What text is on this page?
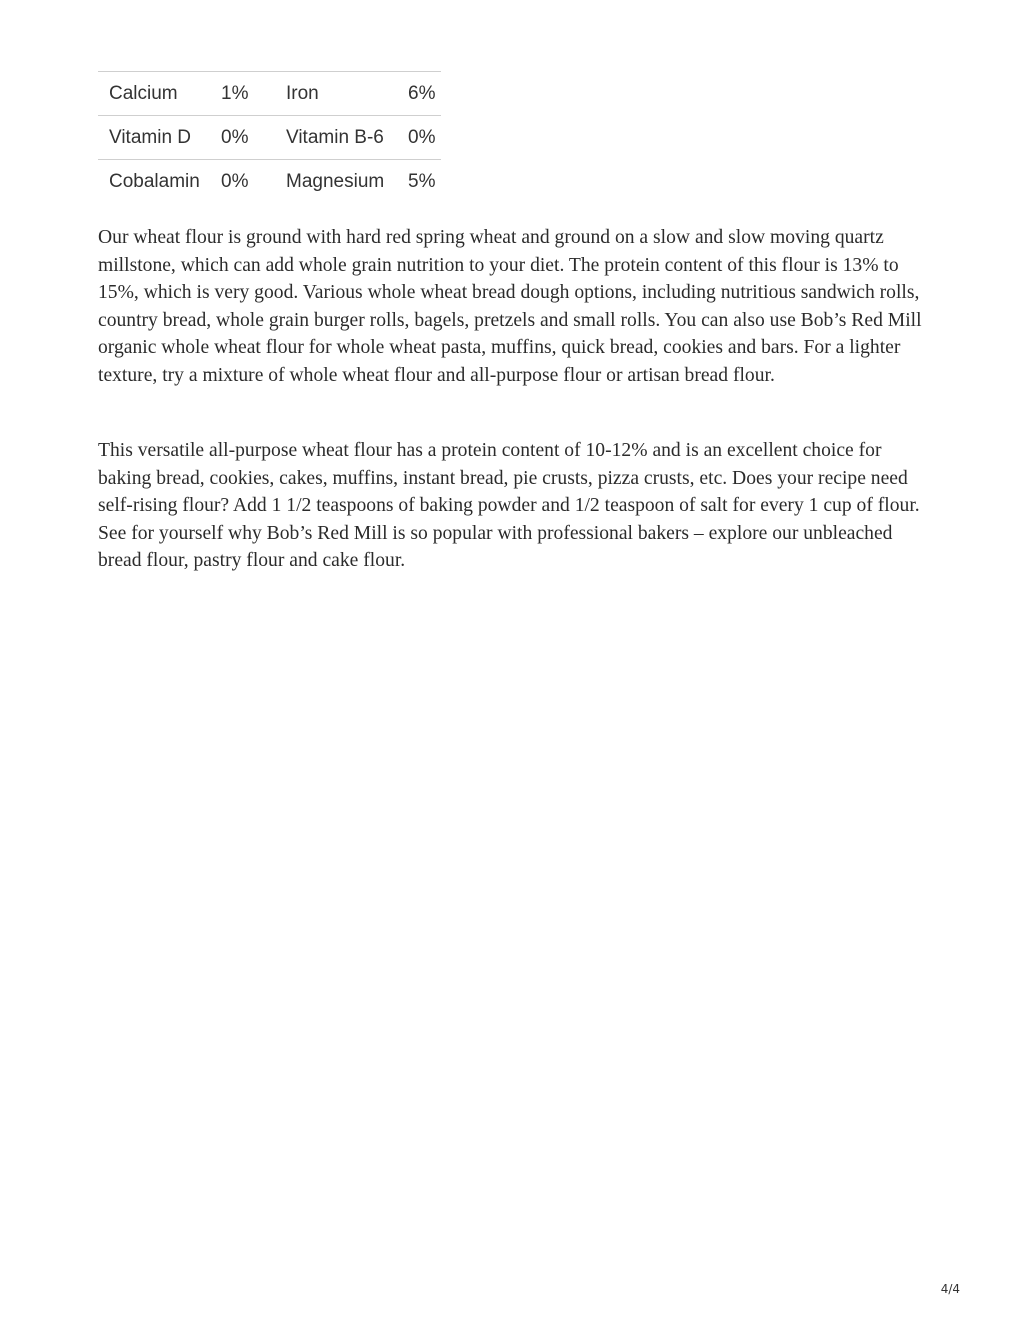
Calcium	1%	Iron	6%
Vitamin D	0%	Vitamin B-6	0%
Cobalamin	0%	Magnesium	5%

Our wheat flour is ground with hard red spring wheat and ground on a slow and slow moving quartz millstone, which can add whole grain nutrition to your diet. The protein content of this flour is 13% to 15%, which is very good. Various whole wheat bread dough options, including nutritious sandwich rolls, country bread, whole grain burger rolls, bagels, pretzels and small rolls. You can also use Bob’s Red Mill organic whole wheat flour for whole wheat pasta, muffins, quick bread, cookies and bars. For a lighter texture, try a mixture of whole wheat flour and all-purpose flour or artisan bread flour.

This versatile all-purpose wheat flour has a protein content of 10-12% and is an excellent choice for baking bread, cookies, cakes, muffins, instant bread, pie crusts, pizza crusts, etc. Does your recipe need self-rising flour? Add 1 1/2 teaspoons of baking powder and 1/2 teaspoon of salt for every 1 cup of flour. See for yourself why Bob’s Red Mill is so popular with professional bakers – explore our unbleached bread flour, pastry flour and cake flour.

4/4
